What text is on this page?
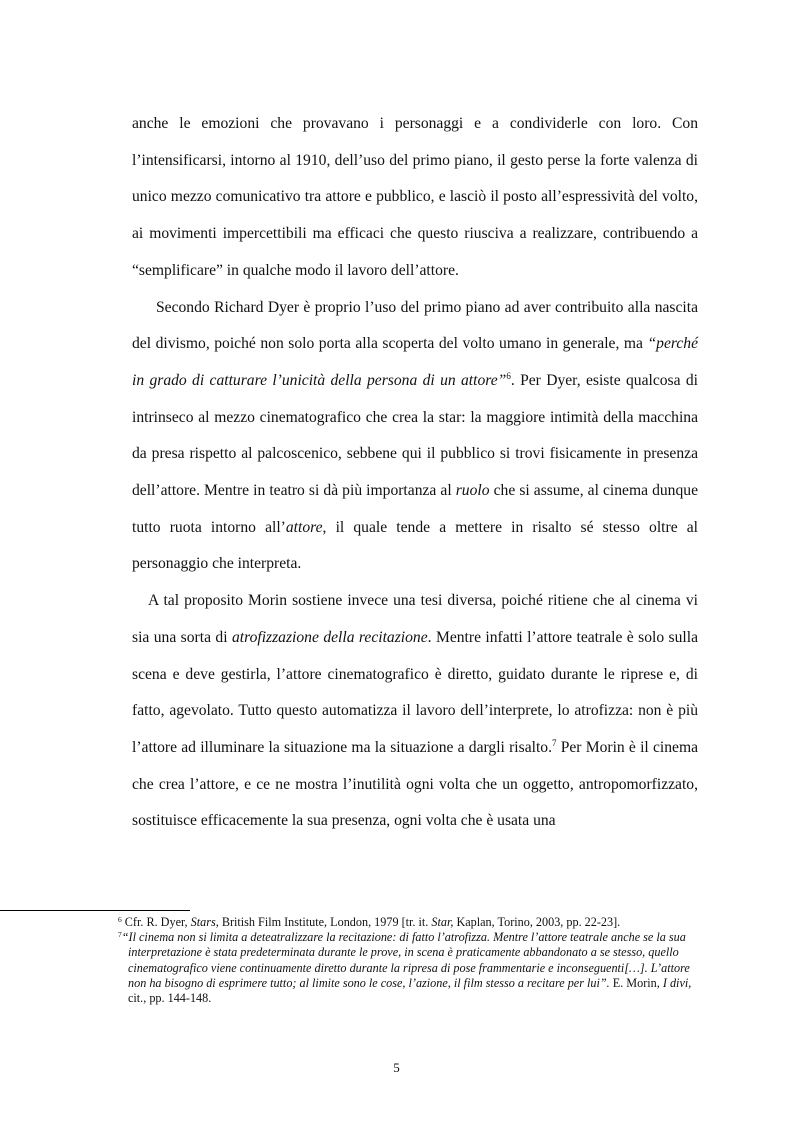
anche le emozioni che provavano i personaggi e a condividerle con loro. Con l’intensificarsi, intorno al 1910, dell’uso del primo piano, il gesto perse la forte valenza di unico mezzo comunicativo tra attore e pubblico, e lasciò il posto all’espressività del volto, ai movimenti impercettibili ma efficaci che questo riusciva a realizzare, contribuendo a “semplificare” in qualche modo il lavoro dell’attore.

Secondo Richard Dyer è proprio l’uso del primo piano ad aver contribuito alla nascita del divismo, poiché non solo porta alla scoperta del volto umano in generale, ma “perché in grado di catturare l’unicità della persona di un attore”$^6$. Per Dyer, esiste qualcosa di intrinseco al mezzo cinematografico che crea la star: la maggiore intimità della macchina da presa rispetto al palcoscenico, sebbene qui il pubblico si trovi fisicamente in presenza dell’attore. Mentre in teatro si dà più importanza al ruolo che si assume, al cinema dunque tutto ruota intorno all’attore, il quale tende a mettere in risalto sé stesso oltre al personaggio che interpreta.

A tal proposito Morin sostiene invece una tesi diversa, poiché ritiene che al cinema vi sia una sorta di atrofizzazione della recitazione. Mentre infatti l’attore teatrale è solo sulla scena e deve gestirla, l’attore cinematografico è diretto, guidato durante le riprese e, di fatto, agevolato. Tutto questo automatizza il lavoro dell’interprete, lo atrofizza: non è più l’attore ad illuminare la situazione ma la situazione a dargli risalto.$^7$ Per Morin è il cinema che crea l’attore, e ce ne mostra l’inutilità ogni volta che un oggetto, antropomorfizzato, sostituisce efficacemente la sua presenza, ogni volta che è usata una

$^6$ Cfr. R. Dyer, Stars, British Film Institute, London, 1979 [tr. it. Star, Kaplan, Torino, 2003, pp. 22-23].

$^7$“Il cinema non si limita a deteatralizzare la recitazione: di fatto l’atrofizza. Mentre l’attore teatrale anche se la sua interpretazione è stata predeterminata durante le prove, in scena è praticamente abbandonato a se stesso, quello cinematografico viene continuamente diretto durante la ripresa di pose frammentarie e inconseguenti[…]. L’attore non ha bisogno di esprimere tutto; al limite sono le cose, l’azione, il film stesso a recitare per lui”. E. Morin, I divi, cit., pp. 144-148.

5
